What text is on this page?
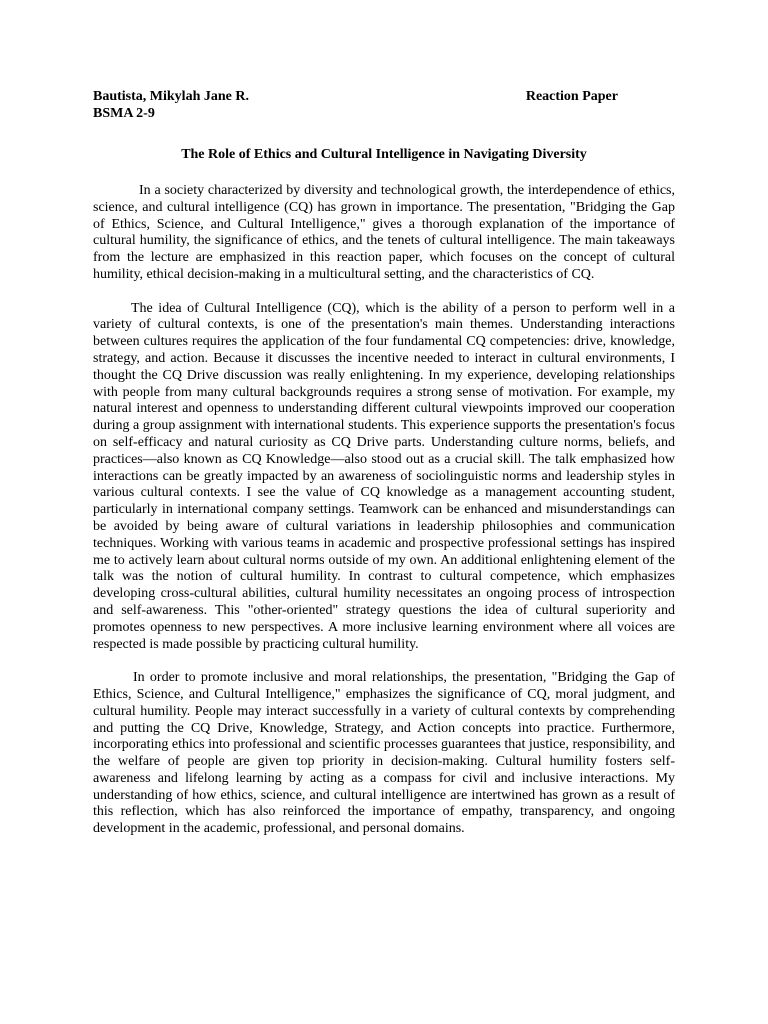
Bautista, Mikylah Jane R.	Reaction Paper
BSMA 2-9
The Role of Ethics and Cultural Intelligence in Navigating Diversity

In a society characterized by diversity and technological growth, the interdependence of ethics, science, and cultural intelligence (CQ) has grown in importance. The presentation, "Bridging the Gap of Ethics, Science, and Cultural Intelligence," gives a thorough explanation of the importance of cultural humility, the significance of ethics, and the tenets of cultural intelligence. The main takeaways from the lecture are emphasized in this reaction paper, which focuses on the concept of cultural humility, ethical decision-making in a multicultural setting, and the characteristics of CQ.

The idea of Cultural Intelligence (CQ), which is the ability of a person to perform well in a variety of cultural contexts, is one of the presentation's main themes. Understanding interactions between cultures requires the application of the four fundamental CQ competencies: drive, knowledge, strategy, and action. Because it discusses the incentive needed to interact in cultural environments, I thought the CQ Drive discussion was really enlightening. In my experience, developing relationships with people from many cultural backgrounds requires a strong sense of motivation. For example, my natural interest and openness to understanding different cultural viewpoints improved our cooperation during a group assignment with international students. This experience supports the presentation's focus on self-efficacy and natural curiosity as CQ Drive parts. Understanding culture norms, beliefs, and practices—also known as CQ Knowledge—also stood out as a crucial skill. The talk emphasized how interactions can be greatly impacted by an awareness of sociolinguistic norms and leadership styles in various cultural contexts. I see the value of CQ knowledge as a management accounting student, particularly in international company settings. Teamwork can be enhanced and misunderstandings can be avoided by being aware of cultural variations in leadership philosophies and communication techniques. Working with various teams in academic and prospective professional settings has inspired me to actively learn about cultural norms outside of my own. An additional enlightening element of the talk was the notion of cultural humility. In contrast to cultural competence, which emphasizes developing cross-cultural abilities, cultural humility necessitates an ongoing process of introspection and self-awareness. This "other-oriented" strategy questions the idea of cultural superiority and promotes openness to new perspectives. A more inclusive learning environment where all voices are respected is made possible by practicing cultural humility.

In order to promote inclusive and moral relationships, the presentation, "Bridging the Gap of Ethics, Science, and Cultural Intelligence," emphasizes the significance of CQ, moral judgment, and cultural humility. People may interact successfully in a variety of cultural contexts by comprehending and putting the CQ Drive, Knowledge, Strategy, and Action concepts into practice. Furthermore, incorporating ethics into professional and scientific processes guarantees that justice, responsibility, and the welfare of people are given top priority in decision-making. Cultural humility fosters self-awareness and lifelong learning by acting as a compass for civil and inclusive interactions. My understanding of how ethics, science, and cultural intelligence are intertwined has grown as a result of this reflection, which has also reinforced the importance of empathy, transparency, and ongoing development in the academic, professional, and personal domains.
